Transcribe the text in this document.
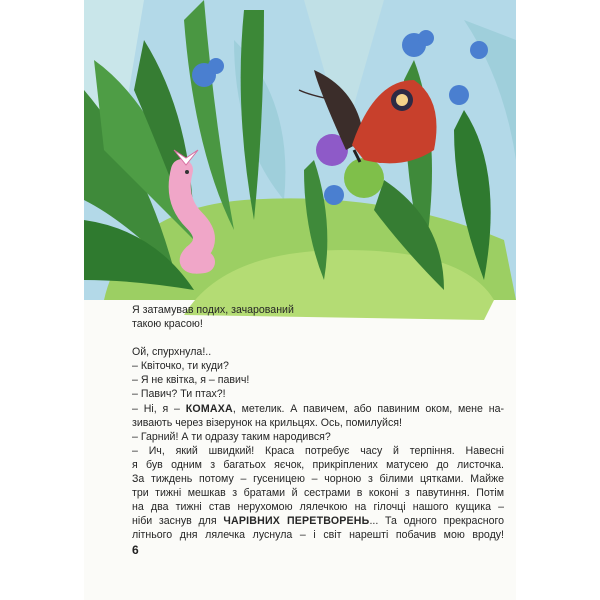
Я затамував подих, зачарований
такою красою!
Ой, спурхнула!..
– Квіточко, ти куди?
– Я не квітка, я – павич!
– Павич? Ти птах?!
– Ні, я – КОМАХА, метелик. А павичем, або павиним оком, мене на-
зивають через візерунок на крильцях. Ось, помилуйся!
– Гарний! А ти одразу таким народився?
– Ич, який швидкий! Краса потребує часу й терпіння. Навесні
я був одним з багатьох яєчок, прикріплених матусею до листочка.
За тиждень потому – гусеницею – чорною з білими цятками. Майже
три тижні мешкав з братами й сестрами в коконі з павутиння. Потім
на два тижні став нерухомою лялечкою на гілочці нашого кущика –
ніби заснув для ЧАРІВНИХ ПЕРЕТВОРЕНЬ... Та одного прекрасного
літнього дня лялечка луснула – і світ нарешті побачив мою вроду!
6
